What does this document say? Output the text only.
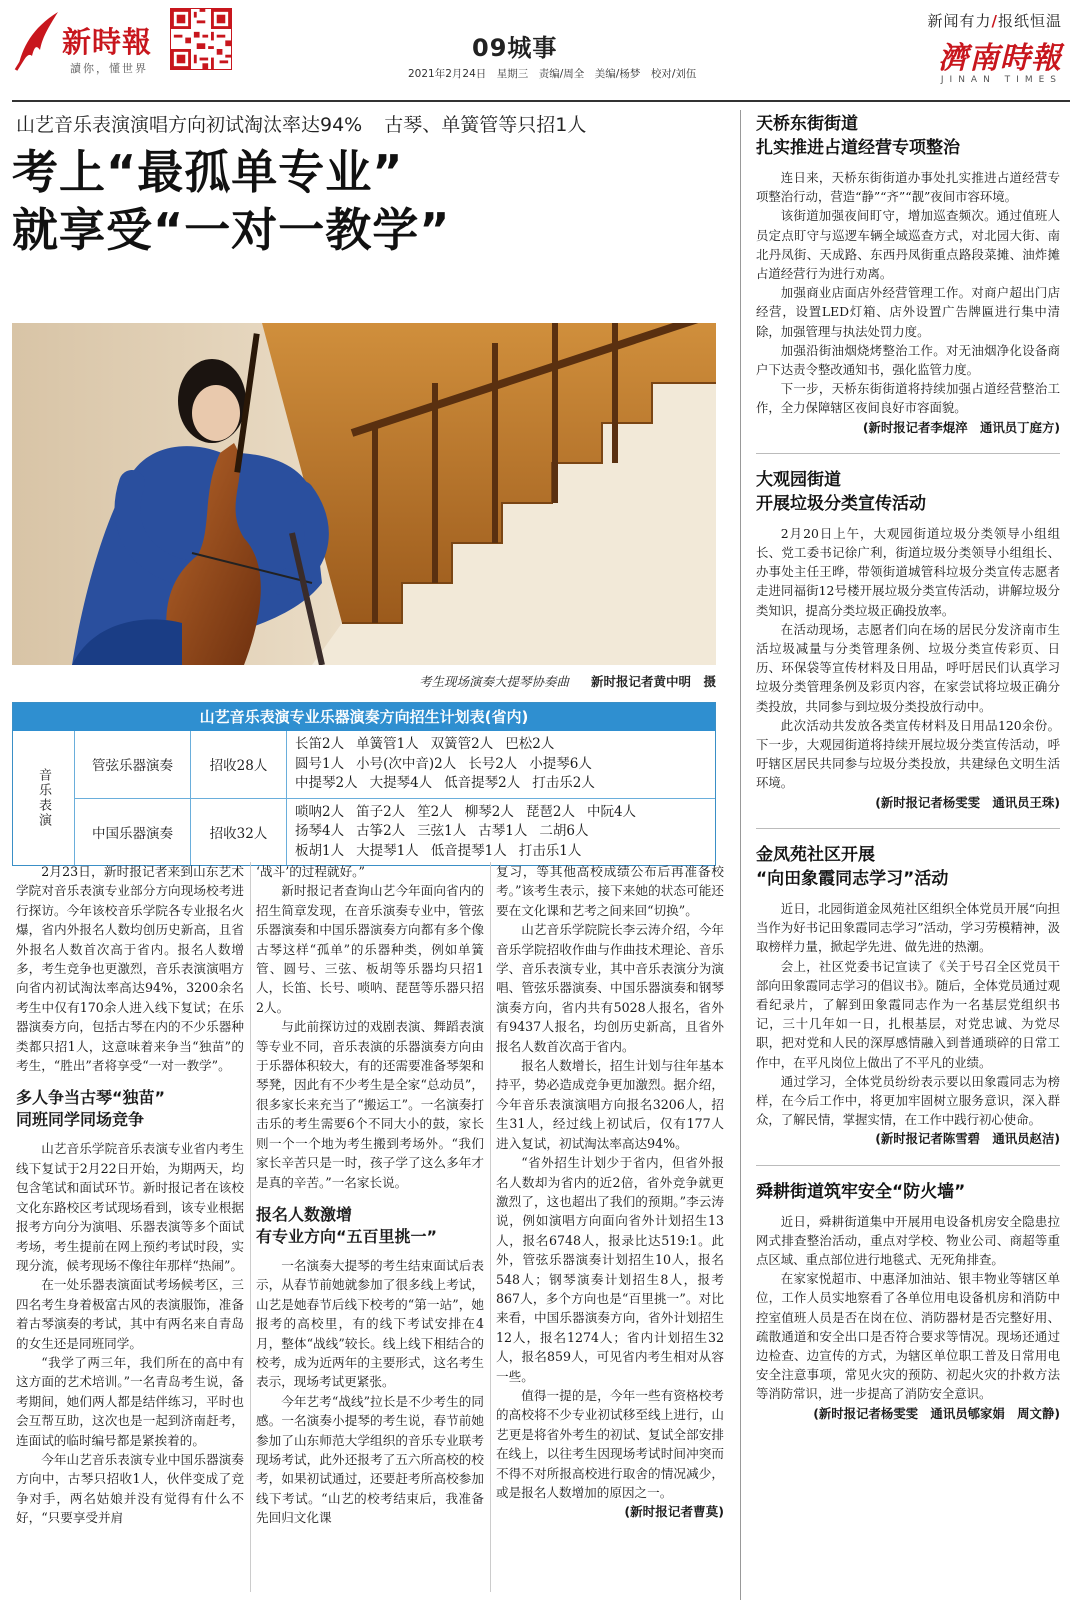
新時報
讀你，懂世界
09城事
2021年2月24日　星期三　责编/周全　美编/杨梦　校对/刘伍
新闻有力/报纸恒温
濟南時報
JINAN TIMES
山艺音乐表演演唱方向初试淘汰率达94% 古琴、单簧管等只招1人
考上“最孤单专业”
就享受“一对一教学”
考生现场演奏大提琴协奏曲 新时报记者黄中明　摄
山艺音乐表演专业乐器演奏方向招生计划表(省内)
音乐表演
管弦乐器演奏	招收28人
长笛2人 单簧管1人 双簧管2人 巴松2人
圆号1人 小号(次中音)2人 长号2人 小提琴6人
中提琴2人 大提琴4人 低音提琴2人 打击乐2人
中国乐器演奏	招收32人
唢呐2人 笛子2人 笙2人 柳琴2人 琵琶2人 中阮4人
扬琴4人 古筝2人 三弦1人 古琴1人 二胡6人
板胡1人 大提琴1人 低音提琴1人 打击乐1人

2月23日，新时报记者来到山东艺术学院对音乐表演专业部分方向现场校考进行探访。今年该校音乐学院各专业报名火爆，省内外报名人数均创历史新高，且省外报名人数首次高于省内。报名人数增多，考生竞争也更激烈，音乐表演演唱方向省内初试淘汰率高达94%，3200余名考生中仅有170余人进入线下复试；在乐器演奏方向，包括古琴在内的不少乐器种类都只招1人，这意味着来争当“独苗”的考生，“胜出”者将享受“一对一教学”。

多人争当古琴“独苗”
同班同学同场竞争

山艺音乐学院音乐表演专业省内考生线下复试于2月22日开始，为期两天，均包含笔试和面试环节。新时报记者在该校文化东路校区考试现场看到，该专业根据报考方向分为演唱、乐器表演等多个面试考场，考生提前在网上预约考试时段，实现分流，候考现场不像往年那样“热闹”。

在一处乐器表演面试考场候考区，三四名考生身着极富古风的表演服饰，准备着古琴演奏的考试，其中有两名来自青岛的女生还是同班同学。

“我学了两三年，我们所在的高中有这方面的艺术培训。”一名青岛考生说，备考期间，她们两人都是结伴练习，平时也会互帮互助，这次也是一起到济南赶考，连面试的临时编号都是紧挨着的。

今年山艺音乐表演专业中国乐器演奏方向中，古琴只招收1人，伙伴变成了竞争对手，两名姑娘并没有觉得有什么不好，“只要享受并肩

‘战斗’的过程就好。”

新时报记者查询山艺今年面向省内的招生简章发现，在音乐演奏专业中，管弦乐器演奏和中国乐器演奏方向都有多个像古琴这样“孤单”的乐器种类，例如单簧管、圆号、三弦、板胡等乐器均只招1人，长笛、长号、唢呐、琵琶等乐器只招2人。

与此前探访过的戏剧表演、舞蹈表演等专业不同，音乐表演的乐器演奏方向由于乐器体积较大，有的还需要准备琴架和琴凳，因此有不少考生是全家“总动员”，很多家长来充当了“搬运工”。一名演奏打击乐的考生需要6个不同大小的鼓，家长则一个一个地为考生搬到考场外。“我们家长辛苦只是一时，孩子学了这么多年才是真的辛苦。”一名家长说。

报名人数激增
有专业方向“五百里挑一”

一名演奏大提琴的考生结束面试后表示，从春节前她就参加了很多线上考试，山艺是她春节后线下校考的“第一站”，她报考的高校里，有的线下考试安排在4月，整体“战线”较长。线上线下相结合的校考，成为近两年的主要形式，这名考生表示，现场考试更紧张。

今年艺考“战线”拉长是不少考生的同感。一名演奏小提琴的考生说，春节前她参加了山东师范大学组织的音乐专业联考现场考试，此外还报考了五六所高校的校考，如果初试通过，还要赶考所高校参加线下考试。“山艺的校考结束后，我准备先回归文化课

复习，等其他高校成绩公布后再准备校考。”该考生表示，接下来她的状态可能还要在文化课和艺考之间来回“切换”。

山艺音乐学院院长李云涛介绍，今年音乐学院招收作曲与作曲技术理论、音乐学、音乐表演专业，其中音乐表演分为演唱、管弦乐器演奏、中国乐器演奏和钢琴演奏方向，省内共有5028人报名，省外有9437人报名，均创历史新高，且省外报名人数首次高于省内。

报名人数增长，招生计划与往年基本持平，势必造成竞争更加激烈。据介绍，今年音乐表演演唱方向报名3206人，招生31人，经过线上初试后，仅有177人进入复试，初试淘汰率高达94%。

“省外招生计划少于省内，但省外报名人数却为省内的近2倍，省外竞争就更激烈了，这也超出了我们的预期。”李云涛说，例如演唱方向面向省外计划招生13人，报名6748人，报录比达519:1。此外，管弦乐器演奏计划招生10人，报名548人；钢琴演奏计划招生8人，报考867人，多个方向也是“百里挑一”。对比来看，中国乐器演奏方向，省外计划招生12人，报名1274人；省内计划招生32人，报名859人，可见省内考生相对从容一些。

值得一提的是，今年一些有资格校考的高校将不少专业初试移至线上进行，山艺更是将省外考生的初试、复试全部安排在线上，以往考生因现场考试时间冲突而不得不对所报高校进行取舍的情况减少，或是报名人数增加的原因之一。

(新时报记者曹莫)

天桥东街街道
扎实推进占道经营专项整治

连日来，天桥东街街道办事处扎实推进占道经营专项整治行动，营造“静”“齐”“靓”夜间市容环境。

该街道加强夜间盯守，增加巡查频次。通过值班人员定点盯守与巡逻车辆全域巡查方式，对北园大街、南北丹凤街、天成路、东西丹凤街重点路段菜摊、油炸摊占道经营行为进行劝离。

加强商业店面店外经营管理工作。对商户超出门店经营，设置LED灯箱、店外设置广告牌匾进行集中清除，加强管理与执法处罚力度。

加强沿街油烟烧烤整治工作。对无油烟净化设备商户下达责令整改通知书，强化监管力度。

下一步，天桥东街街道将持续加强占道经营整治工作，全力保障辖区夜间良好市容面貌。

(新时报记者李焜淬　通讯员丁庭方)

大观园街道
开展垃圾分类宣传活动

2月20日上午，大观园街道垃圾分类领导小组组长、党工委书记徐广利，街道垃圾分类领导小组组长、办事处主任王晔，带领街道城管科垃圾分类宣传志愿者走进同福街12号楼开展垃圾分类宣传活动，讲解垃圾分类知识，提高分类垃圾正确投放率。

在活动现场，志愿者们向在场的居民分发济南市生活垃圾减量与分类管理条例、垃圾分类宣传彩页、日历、环保袋等宣传材料及日用品，呼吁居民们认真学习垃圾分类管理条例及彩页内容，在家尝试将垃圾正确分类投放，共同参与到垃圾分类投放行动中。

此次活动共发放各类宣传材料及日用品120余份。下一步，大观园街道将持续开展垃圾分类宣传活动，呼吁辖区居民共同参与垃圾分类投放，共建绿色文明生活环境。

(新时报记者杨雯雯　通讯员王珠)

金凤苑社区开展
“向田象霞同志学习”活动

近日，北园街道金凤苑社区组织全体党员开展“向担当作为好书记田象霞同志学习”活动，学习劳模精神，汲取榜样力量，掀起学先进、做先进的热潮。

会上，社区党委书记宣读了《关于号召全区党员干部向田象霞同志学习的倡议书》。随后，全体党员通过观看纪录片，了解到田象霞同志作为一名基层党组织书记，三十几年如一日，扎根基层，对党忠诚、为党尽职，把对党和人民的深厚感情融入到普通琐碎的日常工作中，在平凡岗位上做出了不平凡的业绩。

通过学习，全体党员纷纷表示要以田象霞同志为榜样，在今后工作中，将更加牢固树立服务意识，深入群众，了解民情，掌握实情，在工作中践行初心使命。

(新时报记者陈雪碧　通讯员赵洁)

舜耕街道筑牢安全“防火墙”

近日，舜耕街道集中开展用电设备机房安全隐患拉网式排查整治活动，重点对学校、物业公司、商超等重点区域、重点部位进行地毯式、无死角排查。

在家家悦超市、中惠泽加油站、银丰物业等辖区单位，工作人员实地察看了各单位用电设备机房和消防中控室值班人员是否在岗在位、消防器材是否完整好用、疏散通道和安全出口是否符合要求等情况。现场还通过边检查、边宣传的方式，为辖区单位职工普及日常用电安全注意事项，常见火灾的预防、初起火灾的扑救方法等消防常识，进一步提高了消防安全意识。

(新时报记者杨雯雯　通讯员郇家娟　周文静)
